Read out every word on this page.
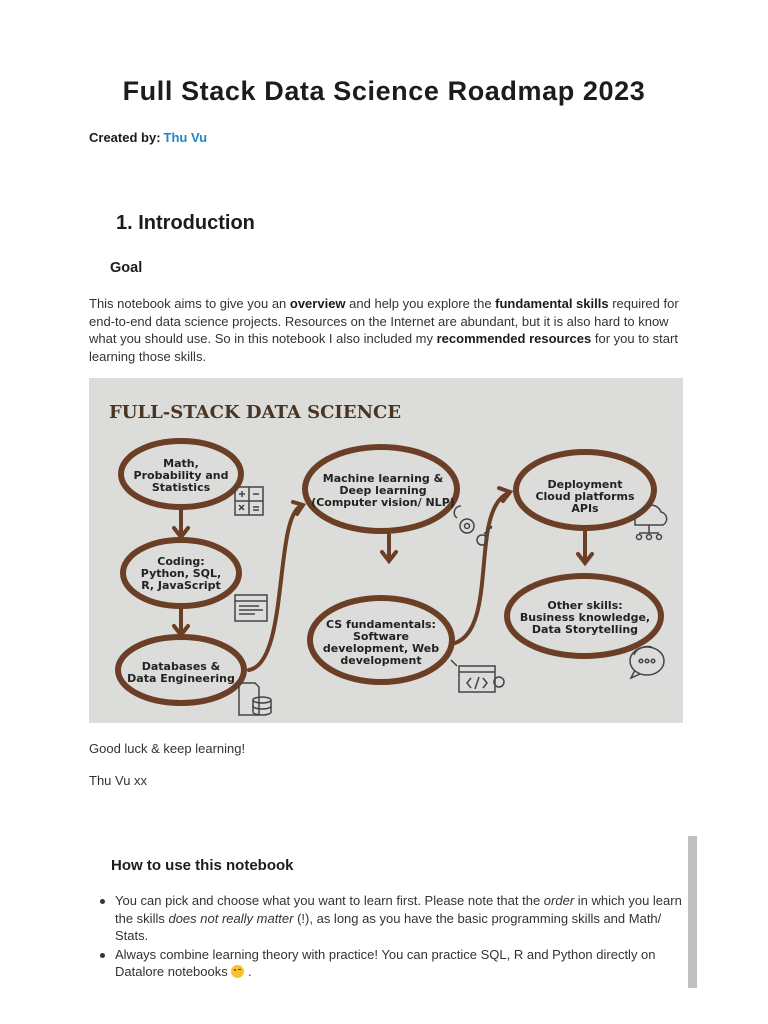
Full Stack Data Science Roadmap 2023
Created by: Thu Vu
1. Introduction
Goal
This notebook aims to give you an overview and help you explore the fundamental skills required for end-to-end data science projects. Resources on the Internet are abundant, but it is also hard to know what you should use. So in this notebook I also included my recommended resources for you to start learning those skills.
FULL-STACK DATA SCIENCE
Math,
Probability and
Statistics
Coding:
Python, SQL,
R, JavaScript
Databases &
Data Engineering
Machine learning &
Deep learning
(Computer vision/ NLP)
CS fundamentals:
Software
development, Web
development
Deployment
Cloud platforms
APIs
Other skills:
Business knowledge,
Data Storytelling
Good luck & keep learning!
Thu Vu xx
How to use this notebook
You can pick and choose what you want to learn first. Please note that the order in which you learn the skills does not really matter (!), as long as you have the basic programming skills and Math/ Stats.
Always combine learning theory with practice! You can practice SQL, R and Python directly on Datalore notebooks  .
